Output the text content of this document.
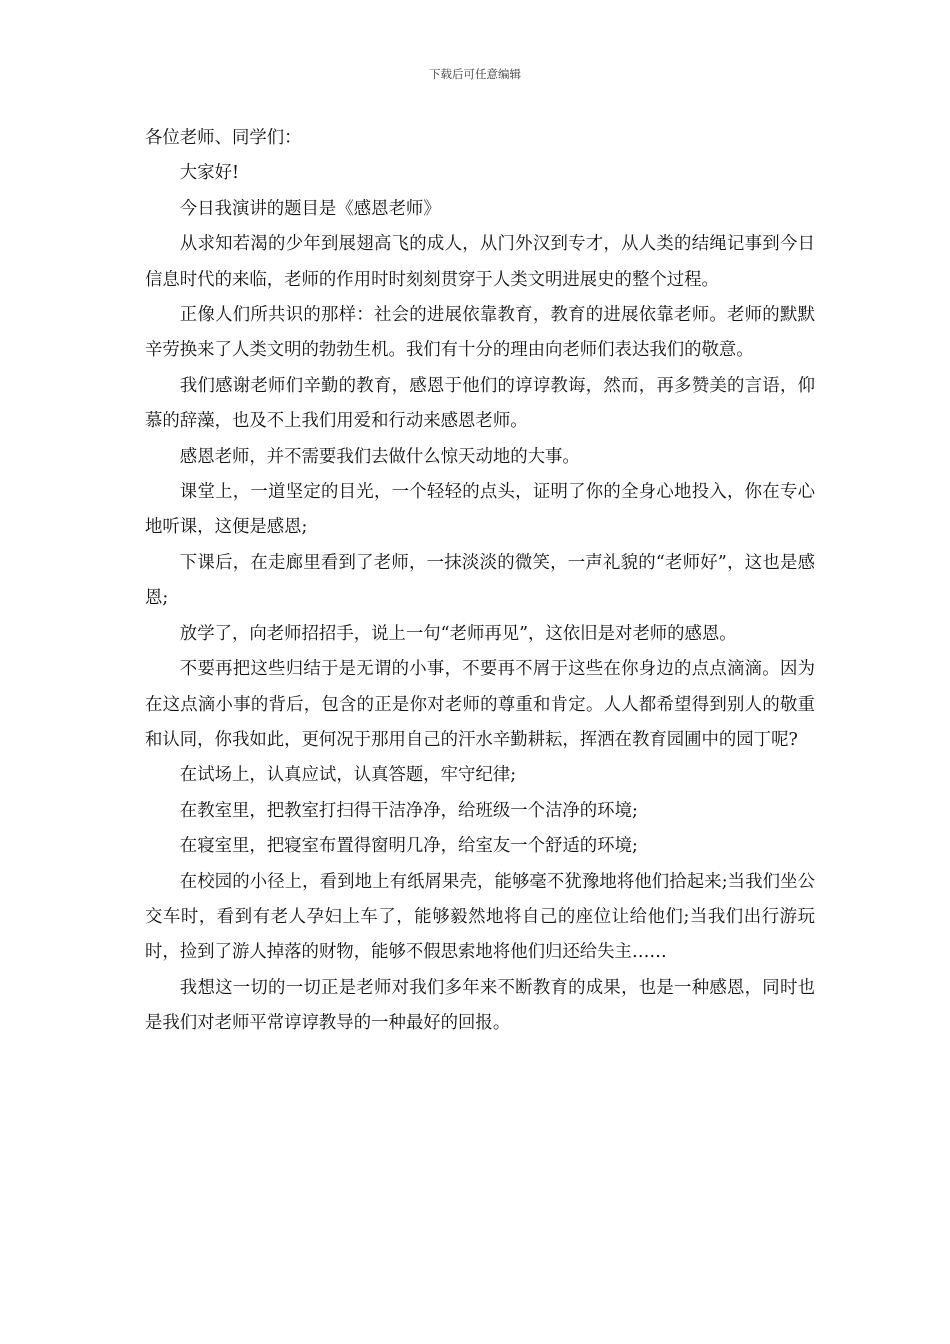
下载后可任意编辑

各位老师、同学们：

大家好!

今日我演讲的题目是《感恩老师》

从求知若渴的少年到展翅高飞的成人，从门外汉到专才，从人类的结绳记事到今日信息时代的来临，老师的作用时时刻刻贯穿于人类文明进展史的整个过程。

正像人们所共识的那样：社会的进展依靠教育，教育的进展依靠老师。老师的默默辛劳换来了人类文明的勃勃生机。我们有十分的理由向老师们表达我们的敬意。

我们感谢老师们辛勤的教育，感恩于他们的谆谆教诲，然而，再多赞美的言语，仰慕的辞藻，也及不上我们用爱和行动来感恩老师。

感恩老师，并不需要我们去做什么惊天动地的大事。

课堂上，一道坚定的目光，一个轻轻的点头，证明了你的全身心地投入，你在专心地听课，这便是感恩;

下课后，在走廊里看到了老师，一抹淡淡的微笑，一声礼貌的“老师好”，这也是感恩;

放学了，向老师招招手，说上一句“老师再见”，这依旧是对老师的感恩。

不要再把这些归结于是无谓的小事，不要再不屑于这些在你身边的点点滴滴。因为在这点滴小事的背后，包含的正是你对老师的尊重和肯定。人人都希望得到别人的敬重和认同，你我如此，更何况于那用自己的汗水辛勤耕耘，挥洒在教育园圃中的园丁呢?

在试场上，认真应试，认真答题，牢守纪律;

在教室里，把教室打扫得干洁净净，给班级一个洁净的环境;

在寝室里，把寝室布置得窗明几净，给室友一个舒适的环境;

在校园的小径上，看到地上有纸屑果壳，能够毫不犹豫地将他们拾起来;当我们坐公交车时，看到有老人孕妇上车了，能够毅然地将自己的座位让给他们;当我们出行游玩时，捡到了游人掉落的财物，能够不假思索地将他们归还给失主……

我想这一切的一切正是老师对我们多年来不断教育的成果，也是一种感恩，同时也是我们对老师平常谆谆教导的一种最好的回报。
